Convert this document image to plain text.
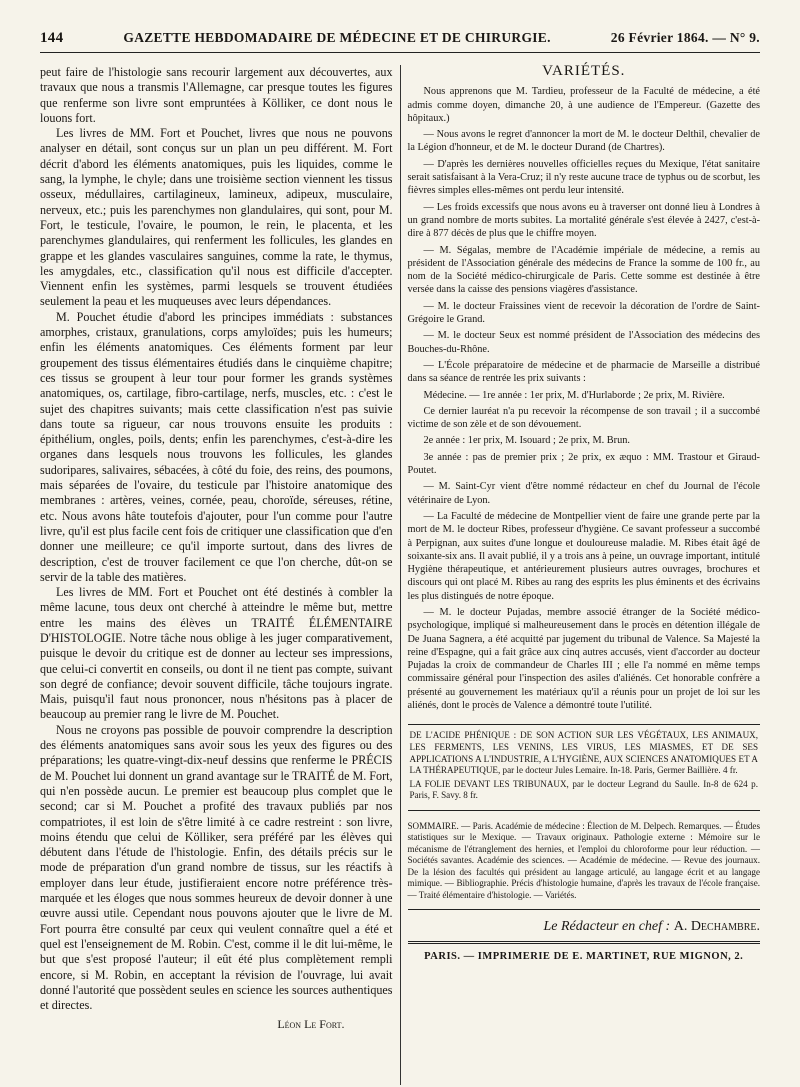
144	GAZETTE HEBDOMADAIRE DE MÉDECINE ET DE CHIRURGIE.	26 Février 1864. — N° 9.

peut faire de l'histologie sans recourir largement aux découvertes, aux travaux que nous a transmis l'Allemagne, car presque toutes les figures que renferme son livre sont empruntées à Kölliker, ce dont nous le louons fort.

Les livres de MM. Fort et Pouchet, livres que nous ne pouvons analyser en détail, sont conçus sur un plan un peu différent. M. Fort décrit d'abord les éléments anatomiques, puis les liquides, comme le sang, la lymphe, le chyle; dans une troisième section viennent les tissus osseux, médullaires, cartilagineux, lamineux, adipeux, musculaire, nerveux, etc.; puis les parenchymes non glandulaires, qui sont, pour M. Fort, le testicule, l'ovaire, le poumon, le rein, le placenta, et les parenchymes glandulaires, qui renferment les follicules, les glandes en grappe et les glandes vasculaires sanguines, comme la rate, le thymus, les amygdales, etc., classification qu'il nous est difficile d'accepter. Viennent enfin les systèmes, parmi lesquels se trouvent étudiées seulement la peau et les muqueuses avec leurs dépendances.

M. Pouchet étudie d'abord les principes immédiats : substances amorphes, cristaux, granulations, corps amyloïdes; puis les humeurs; enfin les éléments anatomiques. Ces éléments forment par leur groupement des tissus élémentaires étudiés dans le cinquième chapitre; ces tissus se groupent à leur tour pour former les grands systèmes anatomiques, os, cartilage, fibro-cartilage, nerfs, muscles, etc. : c'est le sujet des chapitres suivants; mais cette classification n'est pas suivie dans toute sa rigueur, car nous trouvons ensuite les produits : épithélium, ongles, poils, dents; enfin les parenchymes, c'est-à-dire les organes dans lesquels nous trouvons les follicules, les glandes sudoripares, salivaires, sébacées, à côté du foie, des reins, des poumons, mais séparées de l'ovaire, du testicule par l'histoire anatomique des membranes : artères, veines, cornée, peau, choroïde, séreuses, rétine, etc. Nous avons hâte toutefois d'ajouter, pour l'un comme pour l'autre livre, qu'il est plus facile cent fois de critiquer une classification que d'en donner une meilleure; ce qu'il importe surtout, dans des livres de description, c'est de trouver facilement ce que l'on cherche, dût-on se servir de la table des matières.

Les livres de MM. Fort et Pouchet ont été destinés à combler la même lacune, tous deux ont cherché à atteindre le même but, mettre entre les mains des élèves un TRAITÉ ÉLÉMENTAIRE D'HISTOLOGIE. Notre tâche nous oblige à les juger comparativement, puisque le devoir du critique est de donner au lecteur ses impressions, que celui-ci convertit en conseils, ou dont il ne tient pas compte, suivant son degré de confiance; devoir souvent difficile, tâche toujours ingrate. Mais, puisqu'il faut nous prononcer, nous n'hésitons pas à placer de beaucoup au premier rang le livre de M. Pouchet.

Nous ne croyons pas possible de pouvoir comprendre la description des éléments anatomiques sans avoir sous les yeux des figures ou des préparations; les quatre-vingt-dix-neuf dessins que renferme le PRÉCIS de M. Pouchet lui donnent un grand avantage sur le TRAITÉ de M. Fort, qui n'en possède aucun. Le premier est beaucoup plus complet que le second; car si M. Pouchet a profité des travaux publiés par nos compatriotes, il est loin de s'être limité à ce cadre restreint : son livre, moins étendu que celui de Kölliker, sera préféré par les élèves qui débutent dans l'étude de l'histologie. Enfin, des détails précis sur le mode de préparation d'un grand nombre de tissus, sur les réactifs à employer dans leur étude, justifieraient encore notre préférence très-marquée et les éloges que nous sommes heureux de devoir donner à une œuvre aussi utile. Cependant nous pouvons ajouter que le livre de M. Fort pourra être consulté par ceux qui veulent connaître quel a été et quel est l'enseignement de M. Robin. C'est, comme il le dit lui-même, le but que s'est proposé l'auteur; il eût été plus complètement rempli encore, si M. Robin, en acceptant la révision de l'ouvrage, lui avait donné l'autorité que possèdent seules en science les sources authentiques et directes.

Léon Le Fort.
VARIÉTÉS.

Nous apprenons que M. Tardieu, professeur de la Faculté de médecine, a été admis comme doyen, dimanche 20, à une audience de l'Empereur. (Gazette des hôpitaux.)

— Nous avons le regret d'annoncer la mort de M. le docteur Delthil, chevalier de la Légion d'honneur, et de M. le docteur Durand (de Chartres).

— D'après les dernières nouvelles officielles reçues du Mexique, l'état sanitaire serait satisfaisant à la Vera-Cruz; il n'y reste aucune trace de typhus ou de scorbut, les fièvres simples elles-mêmes ont perdu leur intensité.

— Les froids excessifs que nous avons eu à traverser ont donné lieu à Londres à un grand nombre de morts subites. La mortalité générale s'est élevée à 2427, c'est-à-dire à 877 décès de plus que le chiffre moyen.

— M. Ségalas, membre de l'Académie impériale de médecine, a remis au président de l'Association générale des médecins de France la somme de 100 fr., au nom de la Société médico-chirurgicale de Paris. Cette somme est destinée à être versée dans la caisse des pensions viagères d'assistance.

— M. le docteur Fraissines vient de recevoir la décoration de l'ordre de Saint-Grégoire le Grand.

— M. le docteur Seux est nommé président de l'Association des médecins des Bouches-du-Rhône.

— L'École préparatoire de médecine et de pharmacie de Marseille a distribué dans sa séance de rentrée les prix suivants :

Médecine. — 1re année : 1er prix, M. d'Hurlaborde ; 2e prix, M. Rivière.

Ce dernier lauréat n'a pu recevoir la récompense de son travail ; il a succombé victime de son zèle et de son dévouement.

2e année : 1er prix, M. Isouard ; 2e prix, M. Brun.

3e année : pas de premier prix ; 2e prix, ex æquo : MM. Trastour et Giraud-Poutet.

— M. Saint-Cyr vient d'être nommé rédacteur en chef du Journal de l'école vétérinaire de Lyon.

— La Faculté de médecine de Montpellier vient de faire une grande perte par la mort de M. le docteur Ribes, professeur d'hygiène. Ce savant professeur a succombé à Perpignan, aux suites d'une longue et douloureuse maladie. M. Ribes était âgé de soixante-six ans. Il avait publié, il y a trois ans à peine, un ouvrage important, intitulé Hygiène thérapeutique, et antérieurement plusieurs autres ouvrages, brochures et discours qui ont placé M. Ribes au rang des esprits les plus éminents et des écrivains les plus distingués de notre époque.

— M. le docteur Pujadas, membre associé étranger de la Société médico-psychologique, impliqué si malheureusement dans le procès en détention illégale de De Juana Sagnera, a été acquitté par jugement du tribunal de Valence. Sa Majesté la reine d'Espagne, qui a fait grâce aux cinq autres accusés, vient d'accorder au docteur Pujadas la croix de commandeur de Charles III ; elle l'a nommé en même temps commissaire général pour l'inspection des asiles d'aliénés. Cet honorable confrère a présenté au gouvernement les matériaux qu'il a réunis pour un projet de loi sur les aliénés, dont le procès de Valence a démontré toute l'utilité.

DE L'ACIDE PHÉNIQUE : DE SON ACTION SUR LES VÉGÉTAUX, LES ANIMAUX, LES FERMENTS, LES VENINS, LES VIRUS, LES MIASMES, ET DE SES APPLICATIONS A L'INDUSTRIE, A L'HYGIÈNE, AUX SCIENCES ANATOMIQUES ET A LA THÉRAPEUTIQUE, par le docteur Jules Lemaire. In-18. Paris, Germer Baillière. 4 fr.
LA FOLIE DEVANT LES TRIBUNAUX, par le docteur Legrand du Saulle. In-8 de 624 p. Paris, F. Savy. 8 fr.
SOMMAIRE. — Paris. Académie de médecine : Élection de M. Delpech. Remarques. — Études statistiques sur le Mexique. — Travaux originaux. Pathologie externe : Mémoire sur le mécanisme de l'étranglement des hernies, et l'emploi du chloroforme pour leur réduction. — Sociétés savantes. Académie des sciences. — Académie de médecine. — Revue des journaux. De la lésion des facultés qui président au langage articulé, au langage écrit et au langage mimique. — Bibliographie. Précis d'histologie humaine, d'après les travaux de l'école française. — Traité élémentaire d'histologie. — Variétés.
Le Rédacteur en chef : A. Dechambre.
PARIS. — IMPRIMERIE DE E. MARTINET, RUE MIGNON, 2.
